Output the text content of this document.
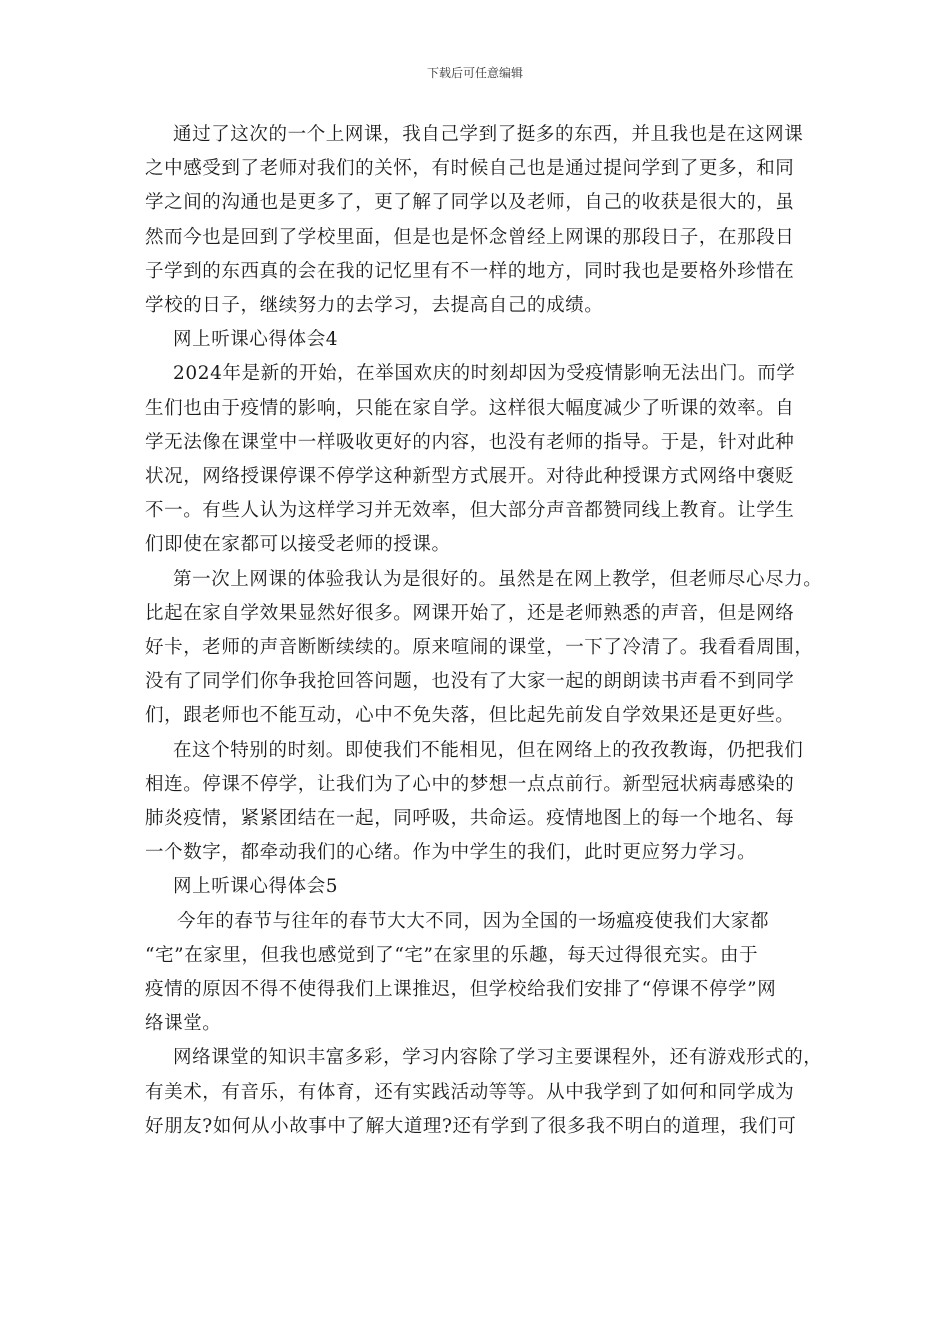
下载后可任意编辑
通过了这次的一个上网课，我自己学到了挺多的东西，并且我也是在这网课
之中感受到了老师对我们的关怀，有时候自己也是通过提问学到了更多，和同
学之间的沟通也是更多了，更了解了同学以及老师，自己的收获是很大的，虽
然而今也是回到了学校里面，但是也是怀念曾经上网课的那段日子，在那段日
子学到的东西真的会在我的记忆里有不一样的地方，同时我也是要格外珍惜在
学校的日子，继续努力的去学习，去提高自己的成绩。
网上听课心得体会4
2024年是新的开始，在举国欢庆的时刻却因为受疫情影响无法出门。而学
生们也由于疫情的影响，只能在家自学。这样很大幅度减少了听课的效率。自
学无法像在课堂中一样吸收更好的内容，也没有老师的指导。于是，针对此种
状况，网络授课停课不停学这种新型方式展开。对待此种授课方式网络中褒贬
不一。有些人认为这样学习并无效率，但大部分声音都赞同线上教育。让学生
们即使在家都可以接受老师的授课。
第一次上网课的体验我认为是很好的。虽然是在网上教学，但老师尽心尽力。
比起在家自学效果显然好很多。网课开始了，还是老师熟悉的声音，但是网络
好卡，老师的声音断断续续的。原来喧闹的课堂，一下了冷清了。我看看周围，
没有了同学们你争我抢回答问题，也没有了大家一起的朗朗读书声看不到同学
们，跟老师也不能互动，心中不免失落，但比起先前发自学效果还是更好些。
在这个特别的时刻。即使我们不能相见，但在网络上的孜孜教诲，仍把我们
相连。停课不停学，让我们为了心中的梦想一点点前行。新型冠状病毒感染的
肺炎疫情，紧紧团结在一起，同呼吸，共命运。疫情地图上的每一个地名、每
一个数字，都牵动我们的心绪。作为中学生的我们，此时更应努力学习。
网上听课心得体会5
今年的春节与往年的春节大大不同，因为全国的一场瘟疫使我们大家都
“宅”在家里，但我也感觉到了“宅”在家里的乐趣，每天过得很充实。由于
疫情的原因不得不使得我们上课推迟，但学校给我们安排了“停课不停学”网
络课堂。
网络课堂的知识丰富多彩，学习内容除了学习主要课程外，还有游戏形式的，
有美术，有音乐，有体育，还有实践活动等等。从中我学到了如何和同学成为
好朋友?如何从小故事中了解大道理?还有学到了很多我不明白的道理，我们可
